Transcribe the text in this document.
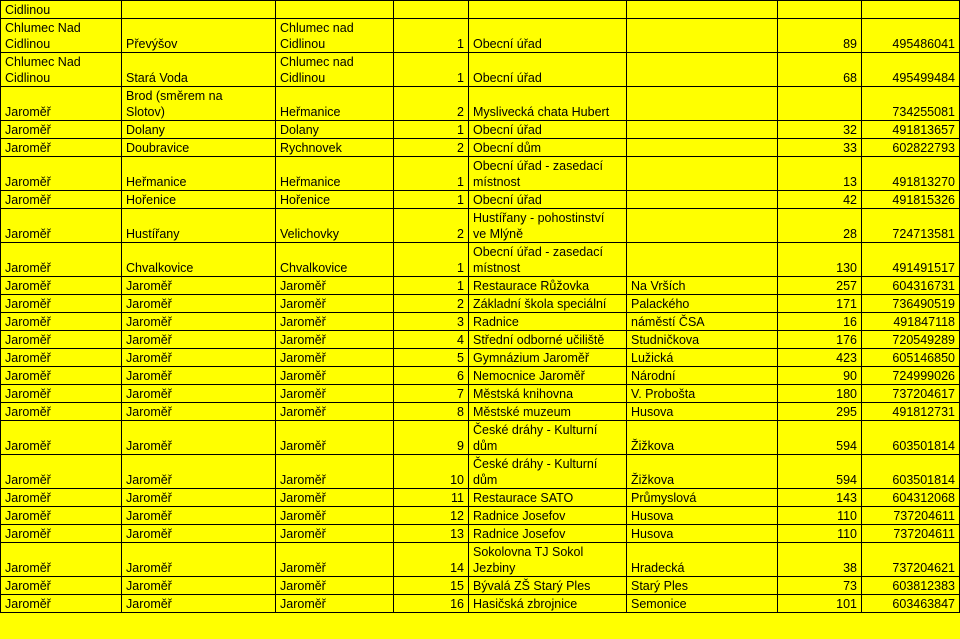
Cidlinou							
Chlumec Nad
Cidlinou	Převýšov	Chlumec nad Cidlinou	1	Obecní úřad		89	495486041
Chlumec Nad
Cidlinou	Stará Voda	Chlumec nad Cidlinou	1	Obecní úřad		68	495499484
Jaroměř	Brod (směrem na
Slotov)	Heřmanice	2	Myslivecká chata Hubert			734255081
Jaroměř	Dolany	Dolany	1	Obecní úřad		32	491813657
Jaroměř	Doubravice	Rychnovek	2	Obecní dům		33	602822793
Jaroměř	Heřmanice	Heřmanice	1	Obecní úřad - zasedací
místnost		13	491813270
Jaroměř	Hořenice	Hořenice	1	Obecní úřad		42	491815326
Jaroměř	Hustířany	Velichovky	2	Hustířany - pohostinství
ve Mlýně		28	724713581
Jaroměř	Chvalkovice	Chvalkovice	1	Obecní úřad - zasedací
místnost		130	491491517
Jaroměř	Jaroměř	Jaroměř	1	Restaurace Růžovka	Na Vrších	257	604316731
Jaroměř	Jaroměř	Jaroměř	2	Základní škola speciální	Palackého	171	736490519
Jaroměř	Jaroměř	Jaroměř	3	Radnice	náměstí ČSA	16	491847118
Jaroměř	Jaroměř	Jaroměř	4	Střední odborné učiliště	Studničkova	176	720549289
Jaroměř	Jaroměř	Jaroměř	5	Gymnázium Jaroměř	Lužická	423	605146850
Jaroměř	Jaroměř	Jaroměř	6	Nemocnice Jaroměř	Národní	90	724999026
Jaroměř	Jaroměř	Jaroměř	7	Městská knihovna	V. Probošta	180	737204617
Jaroměř	Jaroměř	Jaroměř	8	Městské muzeum	Husova	295	491812731
Jaroměř	Jaroměř	Jaroměř	9	České dráhy - Kulturní
dům	Žižkova	594	603501814
Jaroměř	Jaroměř	Jaroměř	10	České dráhy - Kulturní
dům	Žižkova	594	603501814
Jaroměř	Jaroměř	Jaroměř	11	Restaurace SATO	Průmyslová	143	604312068
Jaroměř	Jaroměř	Jaroměř	12	Radnice Josefov	Husova	110	737204611
Jaroměř	Jaroměř	Jaroměř	13	Radnice Josefov	Husova	110	737204611
Jaroměř	Jaroměř	Jaroměř	14	Sokolovna TJ Sokol
Jezbiny	Hradecká	38	737204621
Jaroměř	Jaroměř	Jaroměř	15	Bývalá ZŠ Starý Ples	Starý Ples	73	603812383
Jaroměř	Jaroměř	Jaroměř	16	Hasičská zbrojnice	Semonice	101	603463847
